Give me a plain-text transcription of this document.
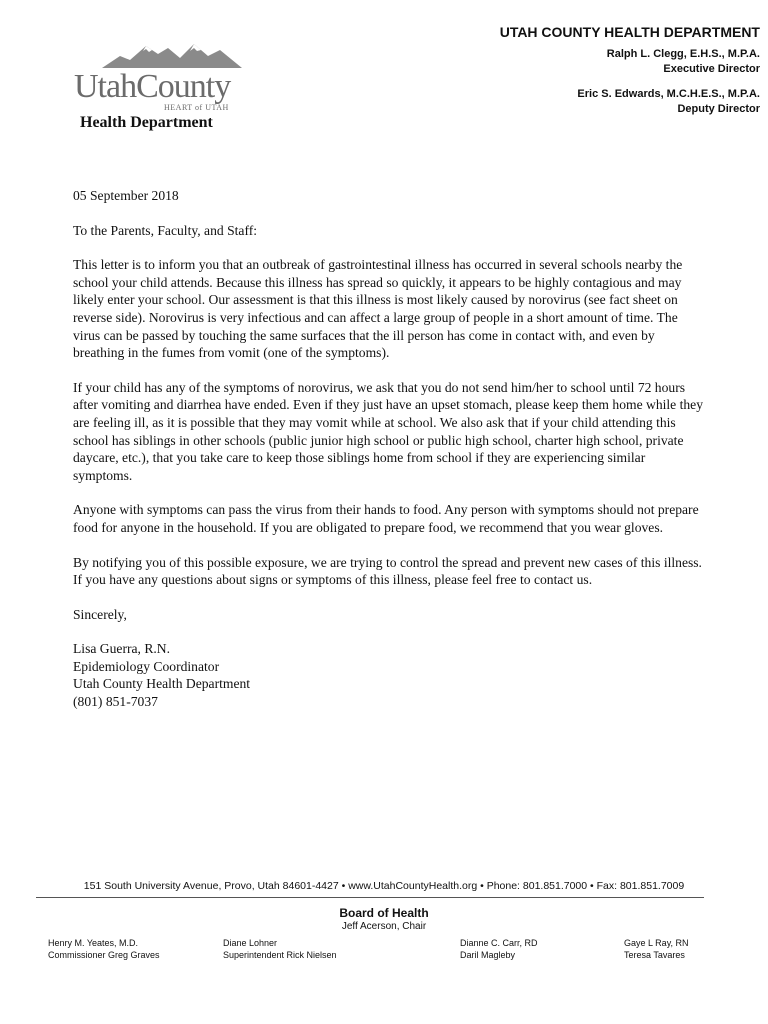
UtahCounty
HEART of UTAH
Health Department
UTAH COUNTY HEALTH DEPARTMENT
Ralph L. Clegg, E.H.S., M.P.A.
Executive Director
Eric S. Edwards, M.C.H.E.S., M.P.A.
Deputy Director

05 September 2018

To the Parents, Faculty, and Staff:

This letter is to inform you that an outbreak of gastrointestinal illness has occurred in several schools nearby the school your child attends. Because this illness has spread so quickly, it appears to be highly contagious and may likely enter your school. Our assessment is that this illness is most likely caused by norovirus (see fact sheet on reverse side). Norovirus is very infectious and can affect a large group of people in a short amount of time. The virus can be passed by touching the same surfaces that the ill person has come in contact with, and even by breathing in the fumes from vomit (one of the symptoms).

If your child has any of the symptoms of norovirus, we ask that you do not send him/her to school until 72 hours after vomiting and diarrhea have ended. Even if they just have an upset stomach, please keep them home while they are feeling ill, as it is possible that they may vomit while at school. We also ask that if your child attending this school has siblings in other schools (public junior high school or public high school, charter high school, private daycare, etc.), that you take care to keep those siblings home from school if they are experiencing similar symptoms.

Anyone with symptoms can pass the virus from their hands to food. Any person with symptoms should not prepare food for anyone in the household. If you are obligated to prepare food, we recommend that you wear gloves.

By notifying you of this possible exposure, we are trying to control the spread and prevent new cases of this illness. If you have any questions about signs or symptoms of this illness, please feel free to contact us.

Sincerely,

Lisa Guerra, R.N.

Epidemiology Coordinator

Utah County Health Department

(801) 851-7037

151 South University Avenue, Provo, Utah 84601-4427 • www.UtahCountyHealth.org • Phone: 801.851.7000 • Fax: 801.851.7009
Board of Health
Jeff Acerson, Chair
Henry M. Yeates, M.D.
Commissioner Greg Graves
Diane Lohner
Superintendent Rick Nielsen
Dianne C. Carr, RD
Daril Magleby
Gaye L Ray, RN
Teresa Tavares
